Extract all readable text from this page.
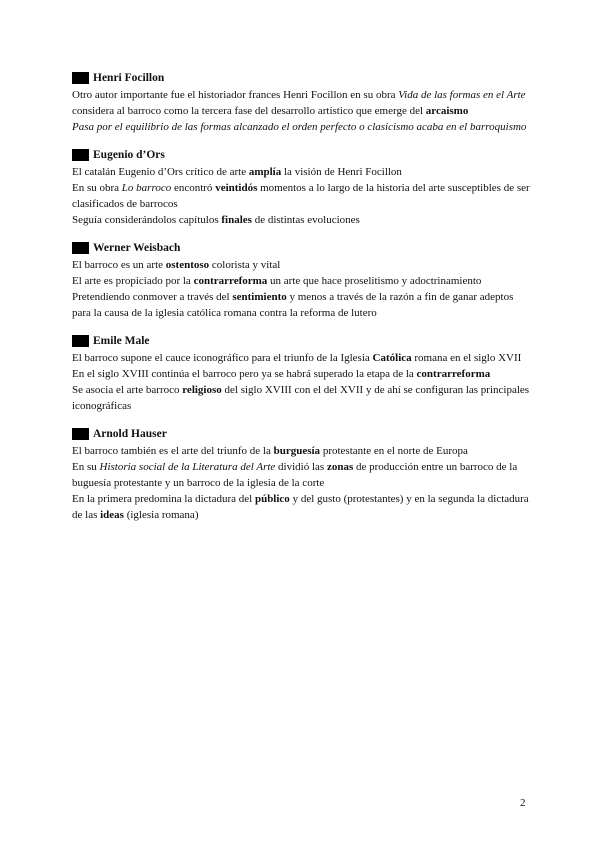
Henri Focillon

Otro autor importante fue el historiador frances Henri Focillon en su obra Vida de las formas en el Arte considera al barroco como la tercera fase del desarrollo artístico que emerge del arcaismo

Pasa por el equilibrio de las formas alcanzado el orden perfecto o clasicismo acaba en el barroquismo

Eugenio d’Ors

El catalán Eugenio d’Ors crítico de arte amplía la visión de Henri Focillon

En su obra Lo barroco encontró veintidós momentos a lo largo de la historia del arte susceptibles de ser clasificados de barrocos

Seguía considerándolos capítulos finales de distintas evoluciones

Werner Weisbach

El barroco es un arte ostentoso colorista y vital

El arte es propiciado por la contrarreforma un arte que hace proselitismo y adoctrinamiento

Pretendiendo conmover a través del sentimiento y menos a través de la razón a fin de ganar adeptos para la causa de la iglesia católica romana contra la reforma de lutero

Emile Male

El barroco supone el cauce iconográfico para el triunfo de la Iglesia Católica romana en el siglo XVII

En el siglo XVIII continúa el barroco pero ya se habrá superado la etapa de la contrarreforma

Se asocia el arte barroco religioso del siglo XVIII con el del XVII y de ahí se configuran las principales iconográficas

Arnold Hauser

El barroco también es el arte del triunfo de la burguesía protestante en el norte de Europa

En su Historia social de la Literatura del Arte dividió las zonas de producción entre un barroco de la buguesía protestante y un barroco de la iglesia de la corte

En la primera predomina la dictadura del público y del gusto (protestantes) y en la segunda la dictadura de las ideas (iglesia romana)

2
